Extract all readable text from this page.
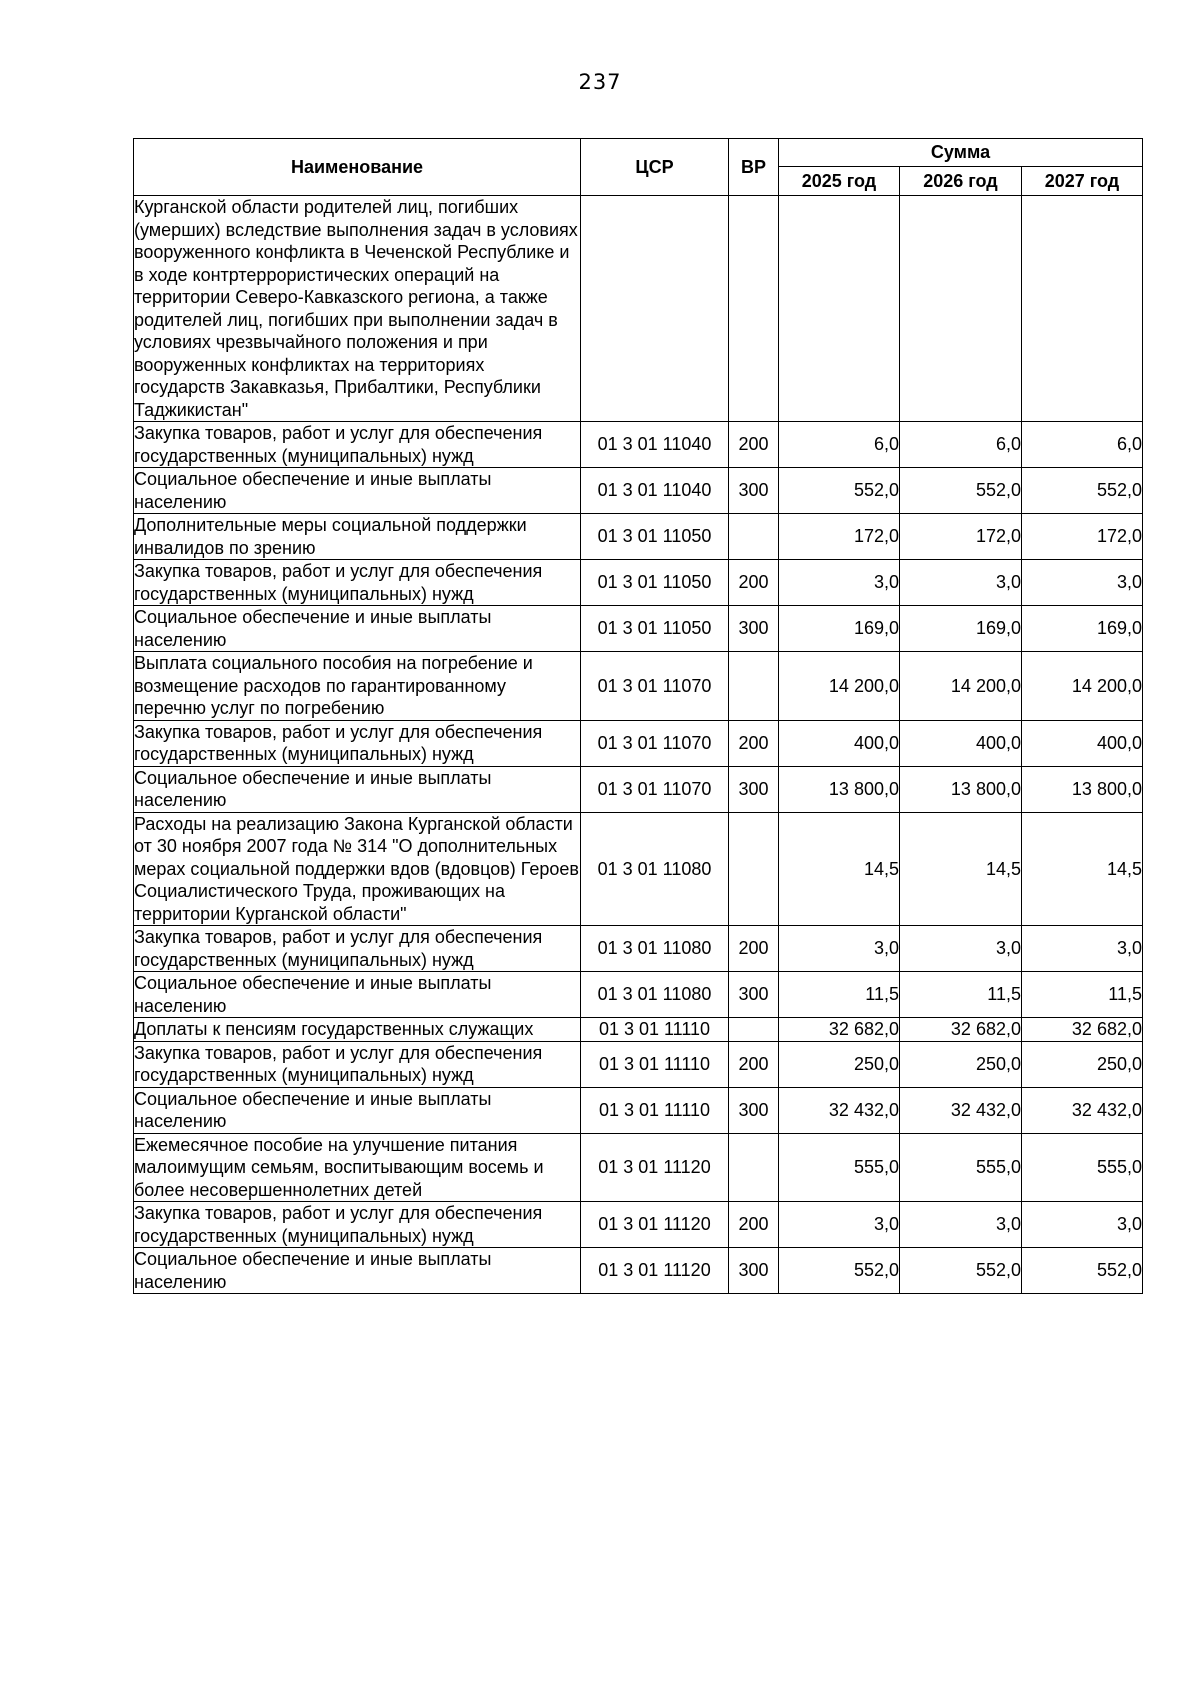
237
Наименование	ЦСР	ВР	Сумма		
			2025 год	2026 год	2027 год
Курганской области родителей лиц, погибших (умерших) вследствие выполнения задач в условиях вооруженного конфликта в Чеченской Республике и в ходе контртеррористических операций на территории Северо-Кавказского региона, а также родителей лиц, погибших при выполнении задач в условиях чрезвычайного положения и при вооруженных конфликтах на территориях государств Закавказья, Прибалтики, Республики Таджикистан"					
Закупка товаров, работ и услуг для обеспечения государственных (муниципальных) нужд	01 3 01 11040	200	6,0	6,0	6,0
Социальное обеспечение и иные выплаты населению	01 3 01 11040	300	552,0	552,0	552,0
Дополнительные меры социальной поддержки инвалидов по зрению	01 3 01 11050		172,0	172,0	172,0
Закупка товаров, работ и услуг для обеспечения государственных (муниципальных) нужд	01 3 01 11050	200	3,0	3,0	3,0
Социальное обеспечение и иные выплаты населению	01 3 01 11050	300	169,0	169,0	169,0
Выплата социального пособия на погребение и возмещение расходов по гарантированному перечню услуг по погребению	01 3 01 11070		14 200,0	14 200,0	14 200,0
Закупка товаров, работ и услуг для обеспечения государственных (муниципальных) нужд	01 3 01 11070	200	400,0	400,0	400,0
Социальное обеспечение и иные выплаты населению	01 3 01 11070	300	13 800,0	13 800,0	13 800,0
Расходы на реализацию Закона Курганской области от 30 ноября 2007 года № 314 "О дополнительных мерах социальной поддержки вдов (вдовцов) Героев Социалистического Труда, проживающих на территории Курганской области"	01 3 01 11080		14,5	14,5	14,5
Закупка товаров, работ и услуг для обеспечения государственных (муниципальных) нужд	01 3 01 11080	200	3,0	3,0	3,0
Социальное обеспечение и иные выплаты населению	01 3 01 11080	300	11,5	11,5	11,5
Доплаты к пенсиям государственных служащих	01 3 01 11110		32 682,0	32 682,0	32 682,0
Закупка товаров, работ и услуг для обеспечения государственных (муниципальных) нужд	01 3 01 11110	200	250,0	250,0	250,0
Социальное обеспечение и иные выплаты населению	01 3 01 11110	300	32 432,0	32 432,0	32 432,0
Ежемесячное пособие на улучшение питания малоимущим семьям, воспитывающим восемь и более несовершеннолетних детей	01 3 01 11120		555,0	555,0	555,0
Закупка товаров, работ и услуг для обеспечения государственных (муниципальных) нужд	01 3 01 11120	200	3,0	3,0	3,0
Социальное обеспечение и иные выплаты населению	01 3 01 11120	300	552,0	552,0	552,0
